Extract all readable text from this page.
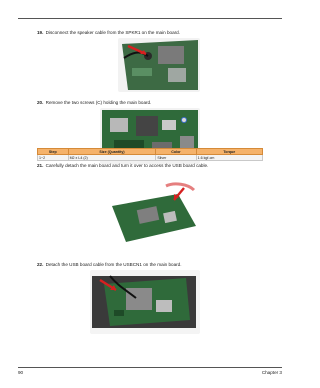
19. Disconnect the speaker cable from the SPKR1 on the main board.
20. Remove the two screws (C) holding the main board.
Step	Size (Quantity)	Color	Torque
1~2	M2 x L4 (2)	Silver	1.6 kgf-cm
21. Carefully detach the main board and turn it over to access the USB board cable.
22. Detach the USB board cable from the USBCN1 on the main board.
90	Chapter 3
